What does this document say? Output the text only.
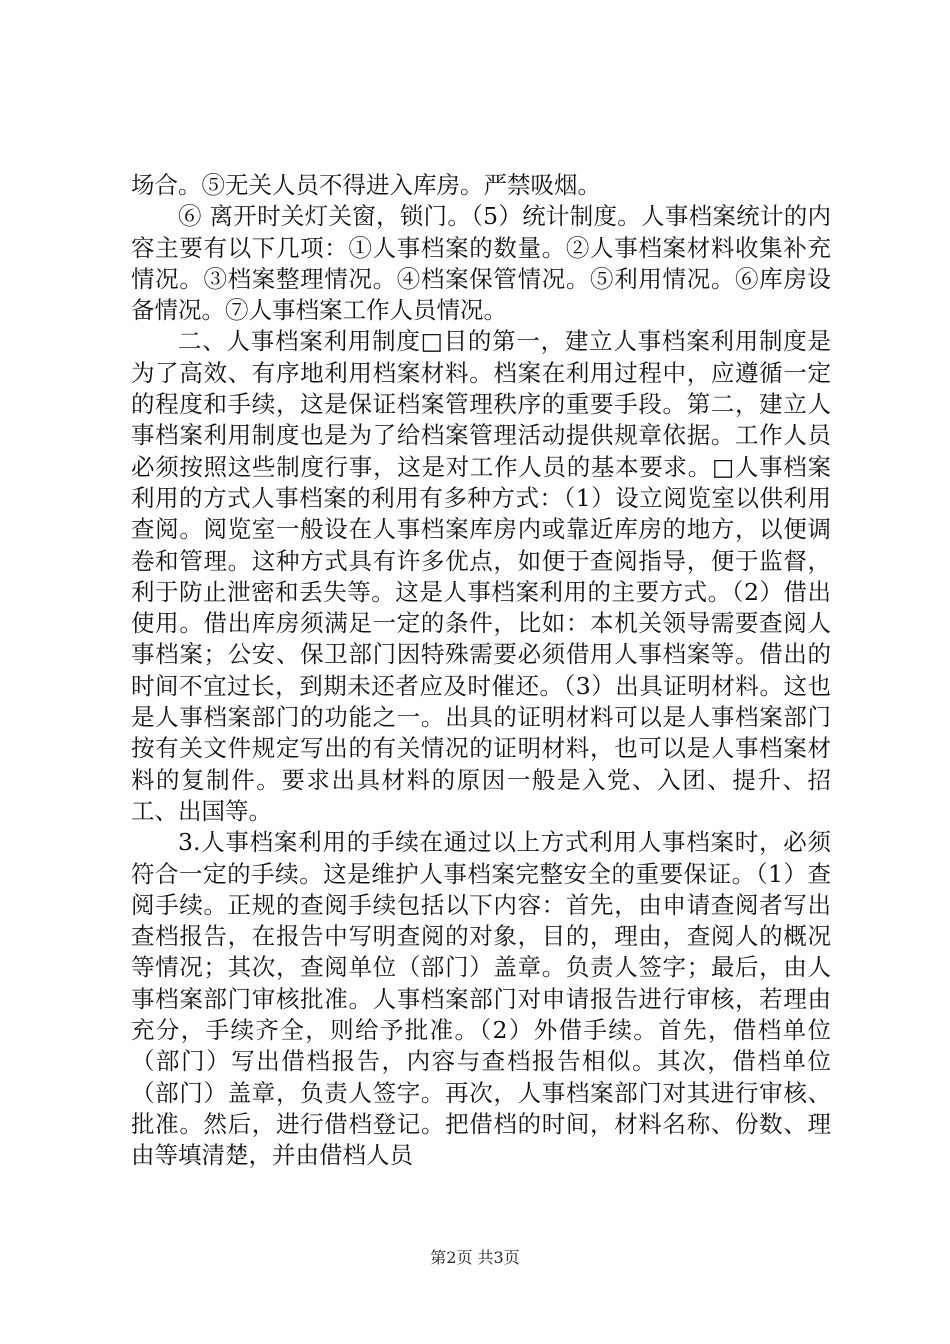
场合。⑤无关人员不得进入库房。严禁吸烟。

⑥ 离开时关灯关窗，锁门。（5）统计制度。人事档案统计的内容主要有以下几项：①人事档案的数量。②人事档案材料收集补充情况。③档案整理情况。④档案保管情况。⑤利用情况。⑥库房设备情况。⑦人事档案工作人员情况。

二、人事档案利用制度□目的第一，建立人事档案利用制度是为了高效、有序地利用档案材料。档案在利用过程中，应遵循一定的程度和手续，这是保证档案管理秩序的重要手段。第二，建立人事档案利用制度也是为了给档案管理活动提供规章依据。工作人员必须按照这些制度行事，这是对工作人员的基本要求。□人事档案利用的方式人事档案的利用有多种方式：（1）设立阅览室以供利用查阅。阅览室一般设在人事档案库房内或靠近库房的地方，以便调卷和管理。这种方式具有许多优点，如便于查阅指导，便于监督，利于防止泄密和丢失等。这是人事档案利用的主要方式。（2）借出使用。借出库房须满足一定的条件，比如：本机关领导需要查阅人事档案；公安、保卫部门因特殊需要必须借用人事档案等。借出的时间不宜过长，到期未还者应及时催还。（3）出具证明材料。这也是人事档案部门的功能之一。出具的证明材料可以是人事档案部门按有关文件规定写出的有关情况的证明材料，也可以是人事档案材料的复制件。要求出具材料的原因一般是入党、入团、提升、招工、出国等。

3.人事档案利用的手续在通过以上方式利用人事档案时，必须符合一定的手续。这是维护人事档案完整安全的重要保证。（1）查阅手续。正规的查阅手续包括以下内容：首先，由申请查阅者写出查档报告，在报告中写明查阅的对象，目的，理由，查阅人的概况等情况；其次，查阅单位（部门）盖章。负责人签字；最后，由人事档案部门审核批准。人事档案部门对申请报告进行审核，若理由充分，手续齐全，则给予批准。（2）外借手续。首先，借档单位（部门）写出借档报告，内容与查档报告相似。其次，借档单位（部门）盖章，负责人签字。再次，人事档案部门对其进行审核、批准。然后，进行借档登记。把借档的时间，材料名称、份数、理由等填清楚，并由借档人员

第2页 共3页
